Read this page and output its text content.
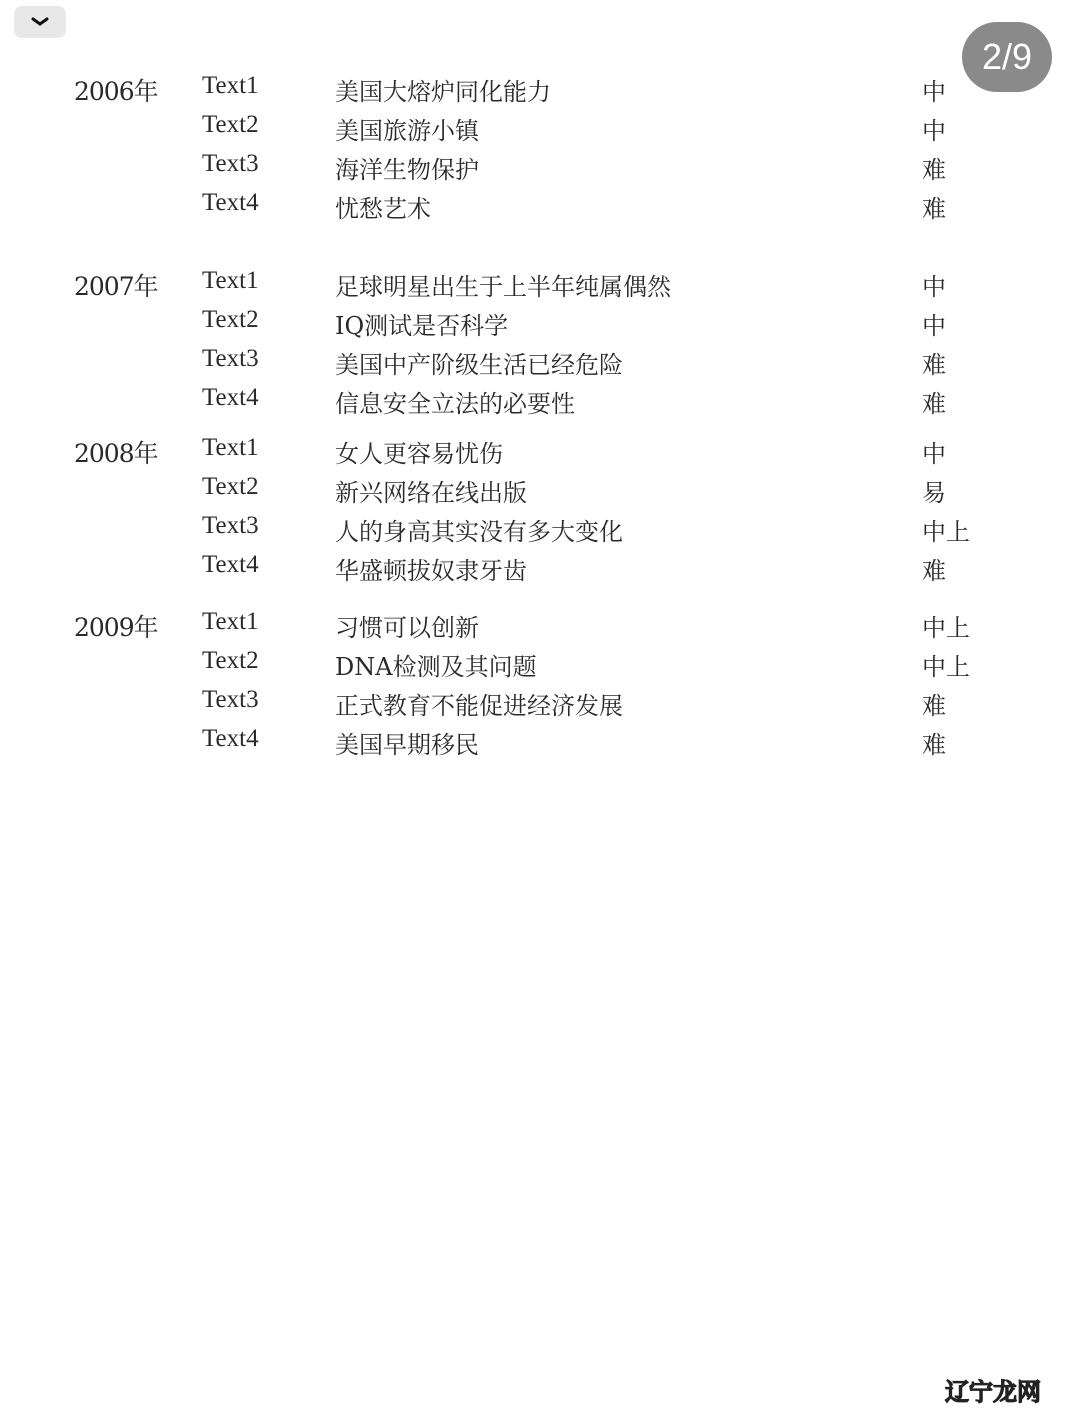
2/9
2006年 Text1	美国大熔炉同化能力	中
Text2	美国旅游小镇	中
Text3	海洋生物保护	难
Text4	忧愁艺术	难
2007年 Text1	足球明星出生于上半年纯属偶然	中
Text2	IQ测试是否科学	中
Text3	美国中产阶级生活已经危险	难
Text4	信息安全立法的必要性	难
2008年 Text1	女人更容易忧伤	中
Text2	新兴网络在线出版	易
Text3	人的身高其实没有多大变化	中上
Text4	华盛顿拔奴隶牙齿	难
2009年 Text1	习惯可以创新	中上
Text2	DNA检测及其问题	中上
Text3	正式教育不能促进经济发展	难
Text4	美国早期移民	难
辽宁龙网
